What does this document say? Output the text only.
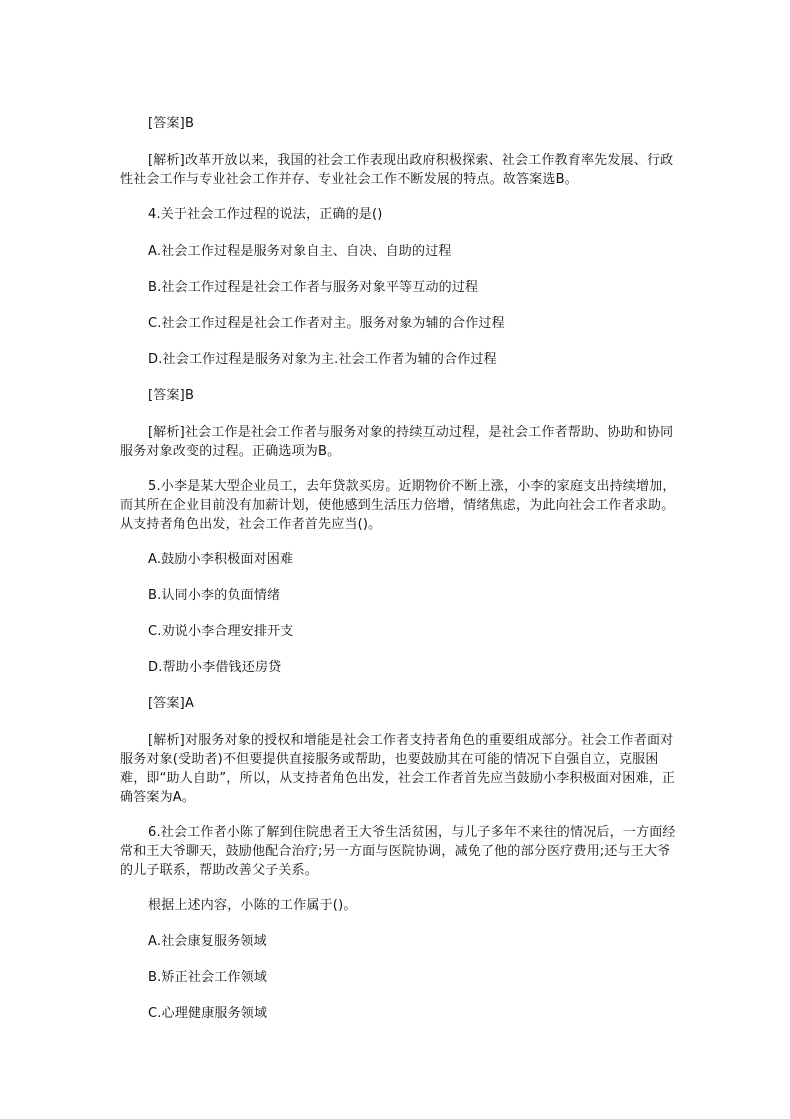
[答案]B
[解析]改革开放以来，我国的社会工作表现出政府积极探索、社会工作教育率先发展、行政性社会工作与专业社会工作并存、专业社会工作不断发展的特点。故答案选B。
4.关于社会工作过程的说法，正确的是()
A.社会工作过程是服务对象自主、自决、自助的过程
B.社会工作过程是社会工作者与服务对象平等互动的过程
C.社会工作过程是社会工作者对主。服务对象为辅的合作过程
D.社会工作过程是服务对象为主.社会工作者为辅的合作过程
[答案]B
[解析]社会工作是社会工作者与服务对象的持续互动过程，是社会工作者帮助、协助和协同服务对象改变的过程。正确选项为B。
5.小李是某大型企业员工，去年贷款买房。近期物价不断上涨，小李的家庭支出持续增加，而其所在企业目前没有加薪计划，使他感到生活压力倍增，情绪焦虑，为此向社会工作者求助。从支持者角色出发，社会工作者首先应当()。
A.鼓励小李积极面对困难
B.认同小李的负面情绪
C.劝说小李合理安排开支
D.帮助小李借钱还房贷
[答案]A
[解析]对服务对象的授权和增能是社会工作者支持者角色的重要组成部分。社会工作者面对服务对象(受助者)不但要提供直接服务或帮助，也要鼓励其在可能的情况下自强自立，克服困难，即“助人自助”，所以，从支持者角色出发，社会工作者首先应当鼓励小李积极面对困难，正确答案为A。
6.社会工作者小陈了解到住院患者王大爷生活贫困，与儿子多年不来往的情况后，一方面经常和王大爷聊天，鼓励他配合治疗;另一方面与医院协调，减免了他的部分医疗费用;还与王大爷的儿子联系，帮助改善父子关系。
根据上述内容，小陈的工作属于()。
A.社会康复服务领域
B.矫正社会工作领域
C.心理健康服务领域
